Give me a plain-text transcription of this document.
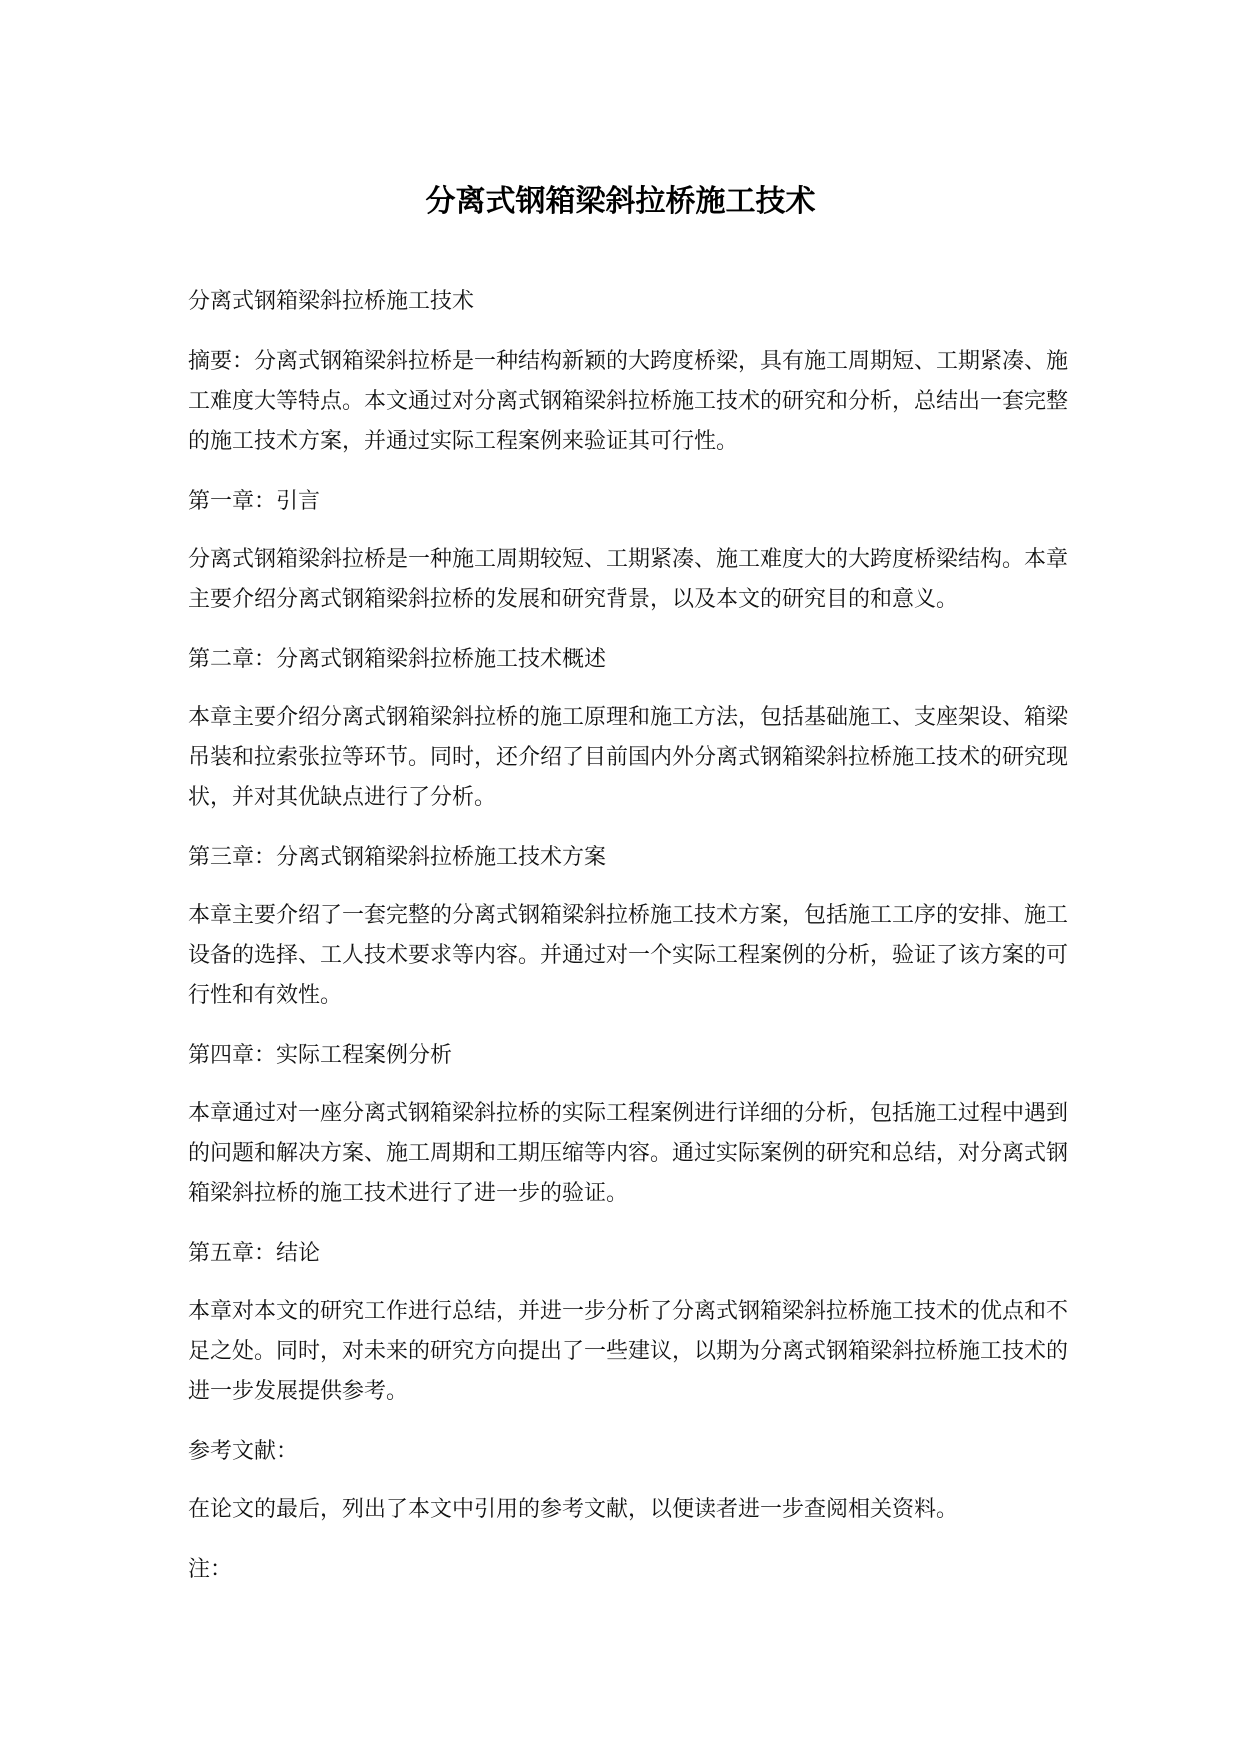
分离式钢箱梁斜拉桥施工技术

分离式钢箱梁斜拉桥施工技术

摘要：分离式钢箱梁斜拉桥是一种结构新颖的大跨度桥梁，具有施工周期短、工期紧凑、施工难度大等特点。本文通过对分离式钢箱梁斜拉桥施工技术的研究和分析，总结出一套完整的施工技术方案，并通过实际工程案例来验证其可行性。

第一章：引言

分离式钢箱梁斜拉桥是一种施工周期较短、工期紧凑、施工难度大的大跨度桥梁结构。本章主要介绍分离式钢箱梁斜拉桥的发展和研究背景，以及本文的研究目的和意义。

第二章：分离式钢箱梁斜拉桥施工技术概述

本章主要介绍分离式钢箱梁斜拉桥的施工原理和施工方法，包括基础施工、支座架设、箱梁吊装和拉索张拉等环节。同时，还介绍了目前国内外分离式钢箱梁斜拉桥施工技术的研究现状，并对其优缺点进行了分析。

第三章：分离式钢箱梁斜拉桥施工技术方案

本章主要介绍了一套完整的分离式钢箱梁斜拉桥施工技术方案，包括施工工序的安排、施工设备的选择、工人技术要求等内容。并通过对一个实际工程案例的分析，验证了该方案的可行性和有效性。

第四章：实际工程案例分析

本章通过对一座分离式钢箱梁斜拉桥的实际工程案例进行详细的分析，包括施工过程中遇到的问题和解决方案、施工周期和工期压缩等内容。通过实际案例的研究和总结，对分离式钢箱梁斜拉桥的施工技术进行了进一步的验证。

第五章：结论

本章对本文的研究工作进行总结，并进一步分析了分离式钢箱梁斜拉桥施工技术的优点和不足之处。同时，对未来的研究方向提出了一些建议，以期为分离式钢箱梁斜拉桥施工技术的进一步发展提供参考。

参考文献：

在论文的最后，列出了本文中引用的参考文献，以便读者进一步查阅相关资料。

注：
